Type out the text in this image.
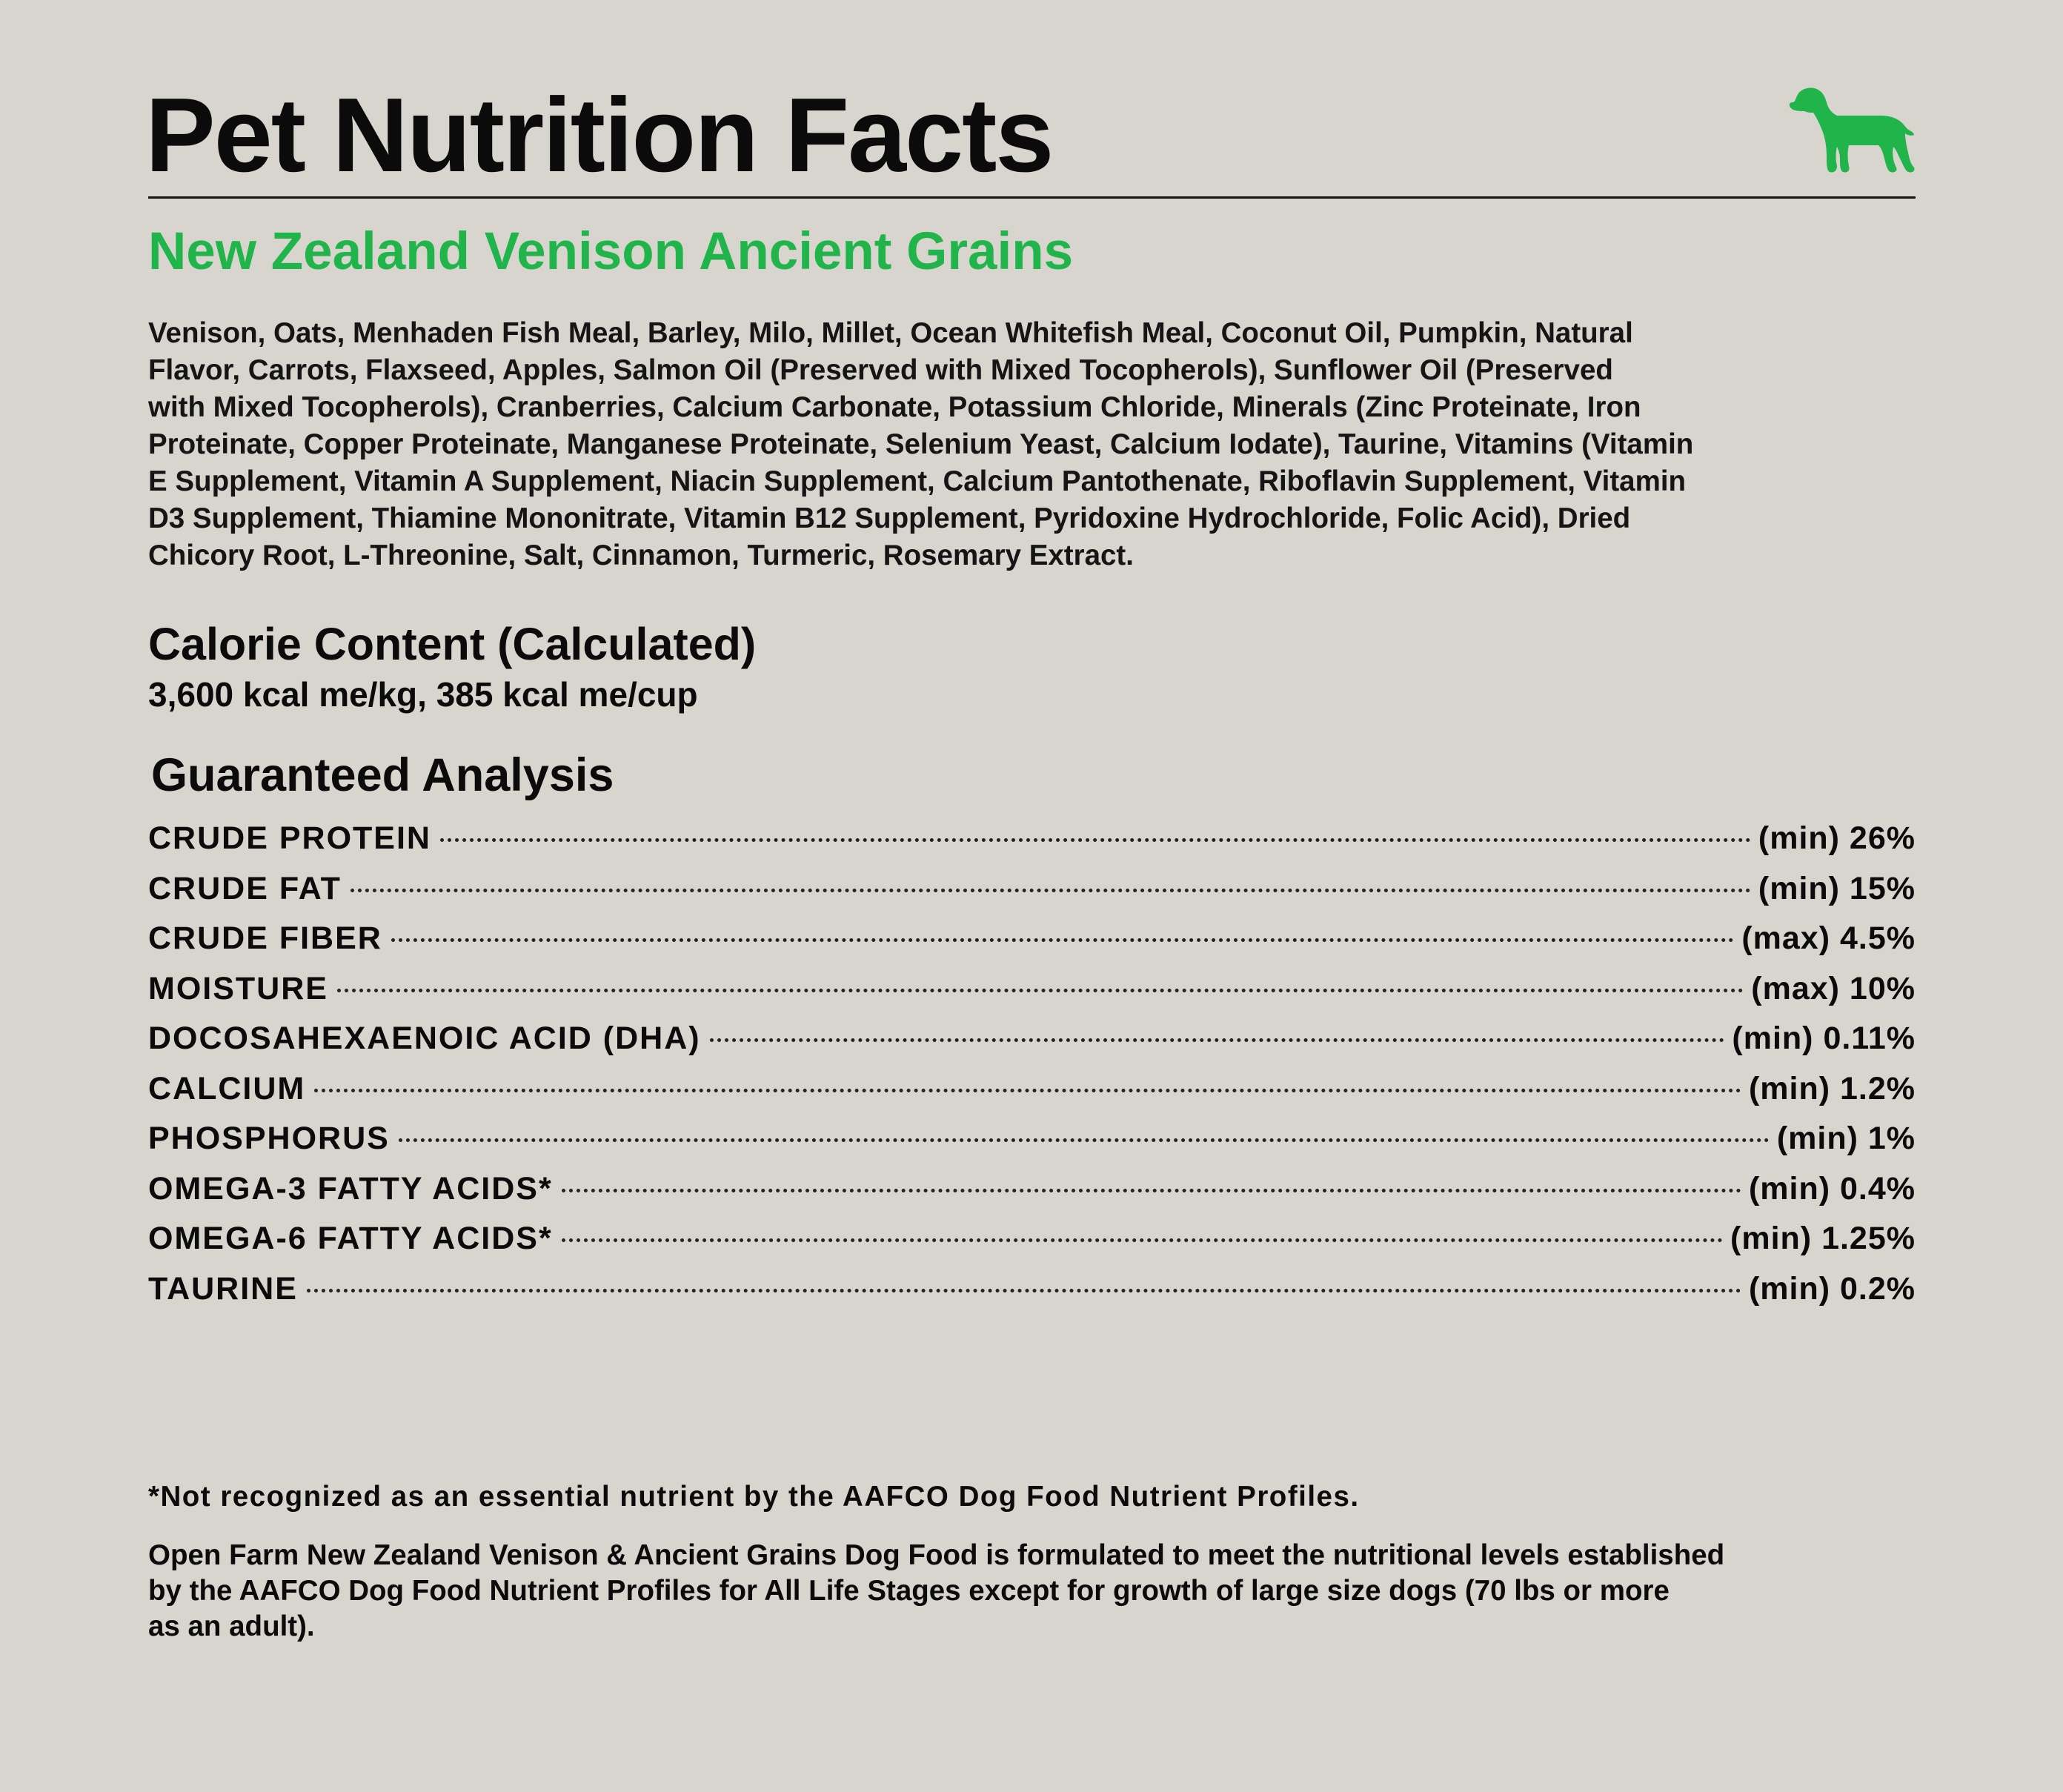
Pet Nutrition Facts
New Zealand Venison Ancient Grains
Venison, Oats, Menhaden Fish Meal, Barley, Milo, Millet, Ocean Whitefish Meal, Coconut Oil, Pumpkin, Natural
Flavor, Carrots, Flaxseed, Apples, Salmon Oil (Preserved with Mixed Tocopherols), Sunflower Oil (Preserved
with Mixed Tocopherols), Cranberries, Calcium Carbonate, Potassium Chloride, Minerals (Zinc Proteinate, Iron
Proteinate, Copper Proteinate, Manganese Proteinate, Selenium Yeast, Calcium Iodate), Taurine, Vitamins (Vitamin
E Supplement, Vitamin A Supplement, Niacin Supplement, Calcium Pantothenate, Riboflavin Supplement, Vitamin
D3 Supplement, Thiamine Mononitrate, Vitamin B12 Supplement, Pyridoxine Hydrochloride, Folic Acid), Dried
Chicory Root, L-Threonine, Salt, Cinnamon, Turmeric, Rosemary Extract.
Calorie Content (Calculated)
3,600 kcal me/kg, 385 kcal me/cup
Guaranteed Analysis
CRUDE PROTEIN	(min) 26%
CRUDE FAT	(min) 15%
CRUDE FIBER	(max) 4.5%
MOISTURE	(max) 10%
DOCOSAHEXAENOIC ACID (DHA)	(min) 0.11%
CALCIUM	(min) 1.2%
PHOSPHORUS	(min) 1%
OMEGA-3 FATTY ACIDS*	(min) 0.4%
OMEGA-6 FATTY ACIDS*	(min) 1.25%
TAURINE	(min) 0.2%

*Not recognized as an essential nutrient by the AAFCO Dog Food Nutrient Profiles.

Open Farm New Zealand Venison & Ancient Grains Dog Food is formulated to meet the nutritional levels established
by the AAFCO Dog Food Nutrient Profiles for All Life Stages except for growth of large size dogs (70 lbs or more
as an adult).
